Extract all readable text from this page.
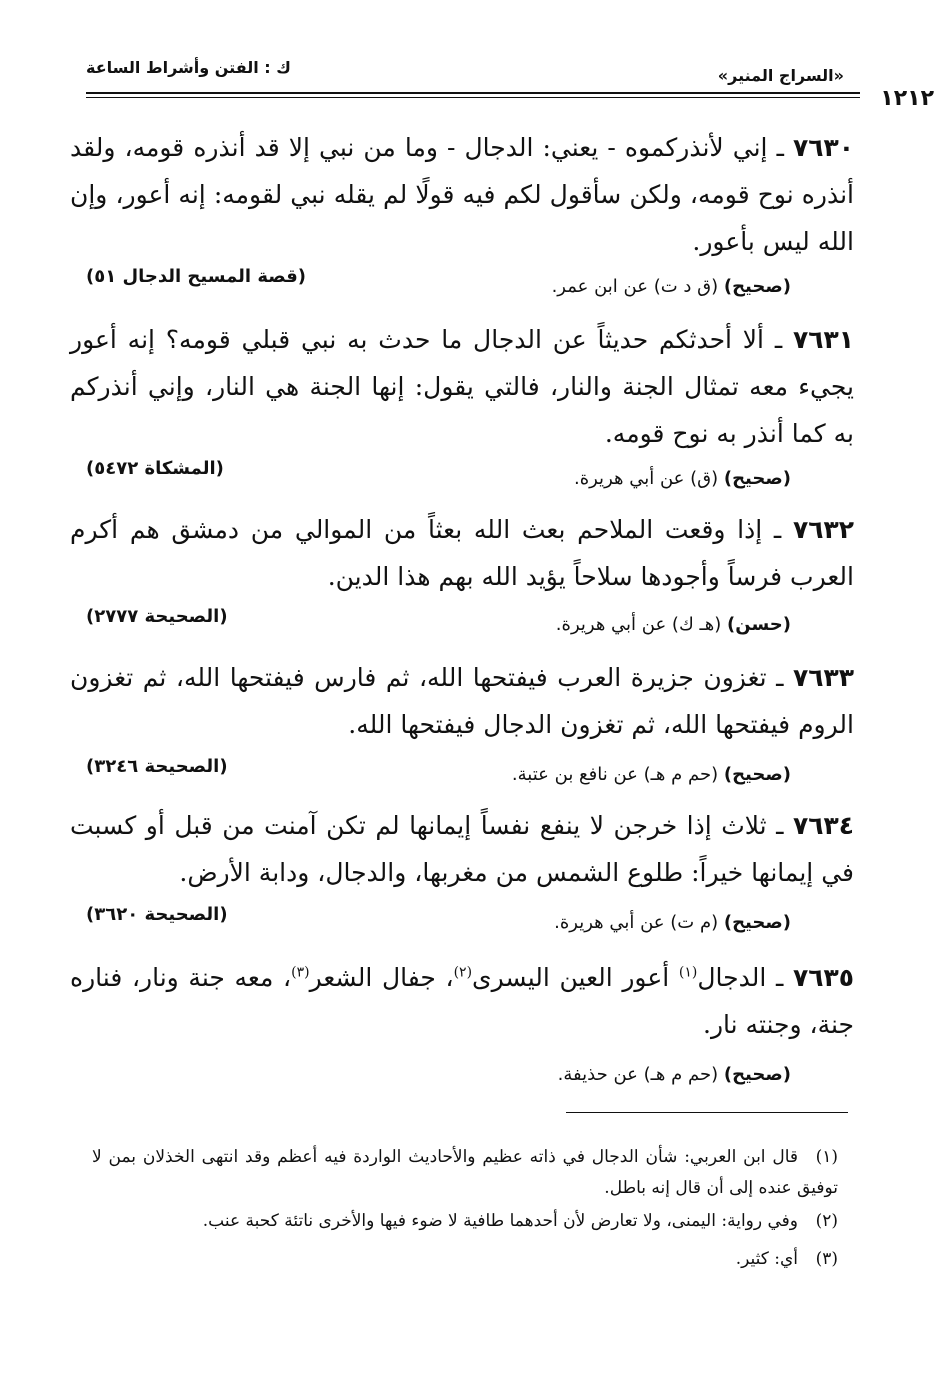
١٢١٢
«السراج المنير»
ك : الفتن وأشراط الساعة
٧٦٣٠ ـ إني لأنذركموه - يعني: الدجال - وما من نبي إلا قد أنذره قومه، ولقد أنذره نوح قومه، ولكن سأقول لكم فيه قولًا لم يقله نبي لقومه: إنه أعور، وإن الله ليس بأعور.
(صحيح) (ق د ت) عن ابن عمر.
(قصة المسيح الدجال ٥١)
٧٦٣١ ـ ألا أحدثكم حديثاً عن الدجال ما حدث به نبي قبلي قومه؟ إنه أعور يجيء معه تمثال الجنة والنار، فالتي يقول: إنها الجنة هي النار، وإني أنذركم به كما أنذر به نوح قومه.
(صحيح) (ق) عن أبي هريرة.
(المشكاة ٥٤٧٢)
٧٦٣٢ ـ إذا وقعت الملاحم بعث الله بعثاً من الموالي من دمشق هم أكرم العرب فرساً وأجودها سلاحاً يؤيد الله بهم هذا الدين.
(حسن) (هـ ك) عن أبي هريرة.
(الصحيحة ٢٧٧٧)
٧٦٣٣ ـ تغزون جزيرة العرب فيفتحها الله، ثم فارس فيفتحها الله، ثم تغزون الروم فيفتحها الله، ثم تغزون الدجال فيفتحها الله.
(صحيح) (حم م هـ) عن نافع بن عتبة.
(الصحيحة ٣٢٤٦)
٧٦٣٤ ـ ثلاث إذا خرجن لا ينفع نفساً إيمانها لم تكن آمنت من قبل أو كسبت في إيمانها خيراً: طلوع الشمس من مغربها، والدجال، ودابة الأرض.
(صحيح) (م ت) عن أبي هريرة.
(الصحيحة ٣٦٢٠)
٧٦٣٥ ـ الدجال$^{(١)}$ أعور العين اليسرى$^{(٢)}$، جفال الشعر$^{(٣)}$، معه جنة ونار، فناره جنة، وجنته نار.
(صحيح) (حم م هـ) عن حذيفة.
(١)قال ابن العربي: شأن الدجال في ذاته عظيم والأحاديث الواردة فيه أعظم وقد انتهى الخذلان بمن لا توفيق عنده إلى أن قال إنه باطل.
(٢)وفي رواية: اليمنى، ولا تعارض لأن أحدهما طافية لا ضوء فيها والأخرى ناتئة كحبة عنب.
(٣)أي: كثير.
